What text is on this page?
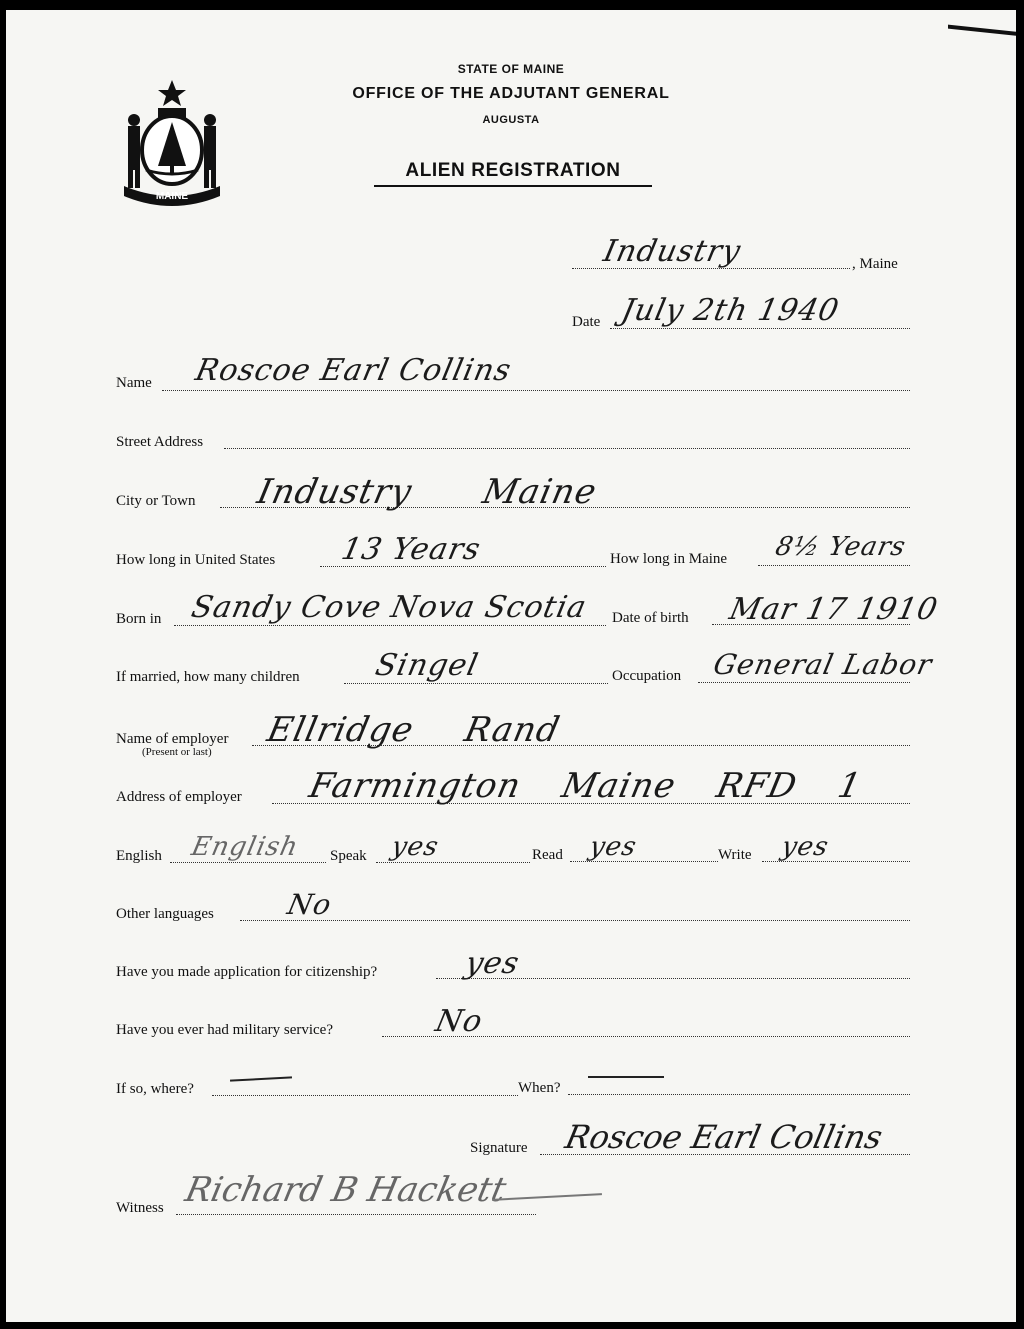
MAINE
STATE OF MAINE
OFFICE OF THE ADJUTANT GENERAL
AUGUSTA
ALIEN REGISTRATION
Industry	, Maine
Date July 2th 1940
Name Roscoe Earl Collins
Street Address
City or Town Industry Maine
How long in United States 13 Years	How long in Maine 8½ Years
Born in Sandy Cove Nova Scotia Date of birth Mar 17 1910
If married, how many children Singel	Occupation General Labor
Name of employer
(Present or last)
Ellridge Rand
Address of employer Farmington Maine RFD 1
English English Speak yes	Read yes	Write yes
Other languages	No
Have you made application for citizenship?	yes
Have you ever had military service?	No
If so, where?	When?
Signature Roscoe Earl Collins
Witness Richard B Hackett
